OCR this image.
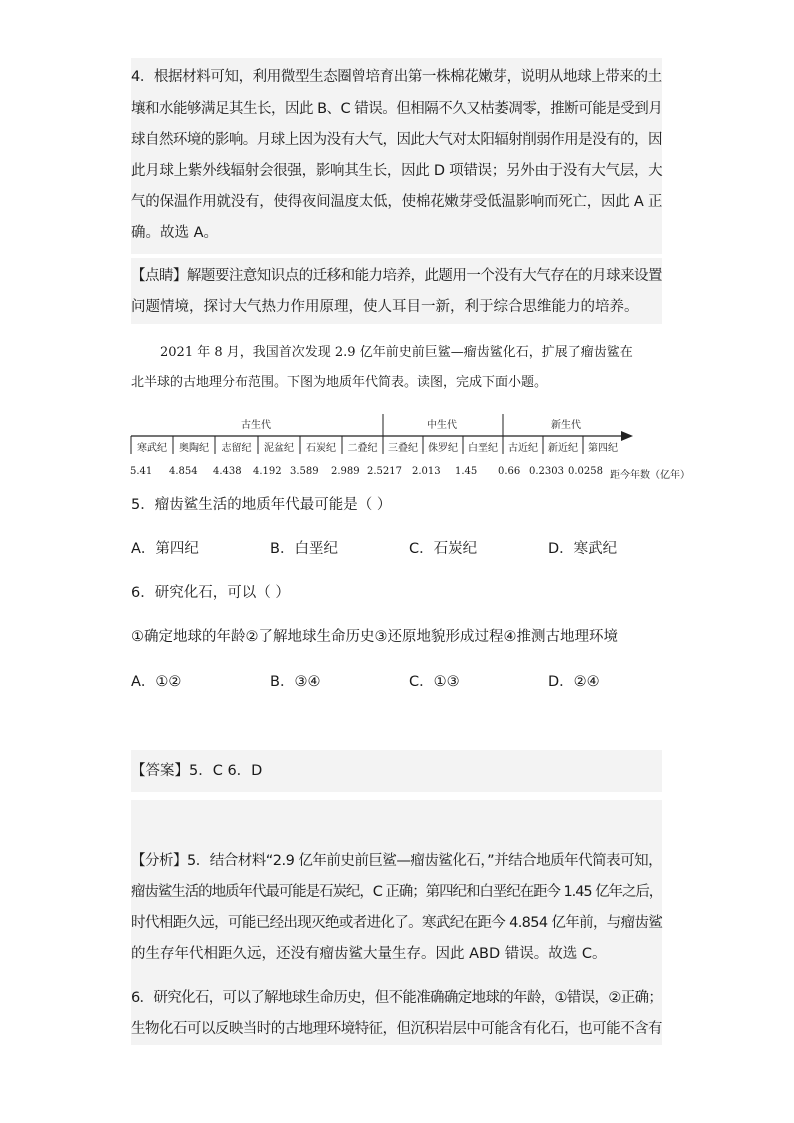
4．根据材料可知，利用微型生态圈曾培育出第一株棉花嫩芽，说明从地球上带来的土
壤和水能够满足其生长，因此 B、C 错误。但相隔不久又枯萎凋零，推断可能是受到月
球自然环境的影响。月球上因为没有大气，因此大气对太阳辐射削弱作用是没有的，因
此月球上紫外线辐射会很强，影响其生长，因此 D 项错误；另外由于没有大气层，大
气的保温作用就没有，使得夜间温度太低，使棉花嫩芽受低温影响而死亡，因此 A 正
确。故选 A。
【点睛】解题要注意知识点的迁移和能力培养，此题用一个没有大气存在的月球来设置
问题情境，探讨大气热力作用原理，使人耳目一新，利于综合思维能力的培养。
2021 年 8 月，我国首次发现 2.9 亿年前史前巨鲨—瘤齿鲨化石，扩展了瘤齿鲨在
北半球的古地理分布范围。下图为地质年代简表。读图，完成下面小题。
古生代	中生代	新生代
寒武纪	奥陶纪	志留纪	泥盆纪	石炭纪	二叠纪	三叠纪	侏罗纪	白垩纪	古近纪	新近纪	第四纪
5.41 4.854 4.438 4.192 3.589 2.989 2.5217 2.013 1.45 0.66 0.2303 0.0258 距今年数（亿年）
5．瘤齿鲨生活的地质年代最可能是（ ）
A．第四纪	B．白垩纪	C．石炭纪	D．寒武纪
6．研究化石，可以（ ）
①确定地球的年龄②了解地球生命历史③还原地貌形成过程④推测古地理环境
A．①②	B．③④	C．①③	D．②④
【答案】5．C 6．D
【分析】5．结合材料“2.9 亿年前史前巨鲨—瘤齿鲨化石，”并结合地质年代简表可知，
瘤齿鲨生活的地质年代最可能是石炭纪，C 正确；第四纪和白垩纪在距今 1.45 亿年之后，
时代相距久远，可能已经出现灭绝或者进化了。寒武纪在距今 4.854 亿年前，与瘤齿鲨
的生存年代相距久远，还没有瘤齿鲨大量生存。因此 ABD 错误。故选 C。
6．研究化石，可以了解地球生命历史，但不能准确确定地球的年龄，①错误，②正确；
生物化石可以反映当时的古地理环境特征，但沉积岩层中可能含有化石，也可能不含有
